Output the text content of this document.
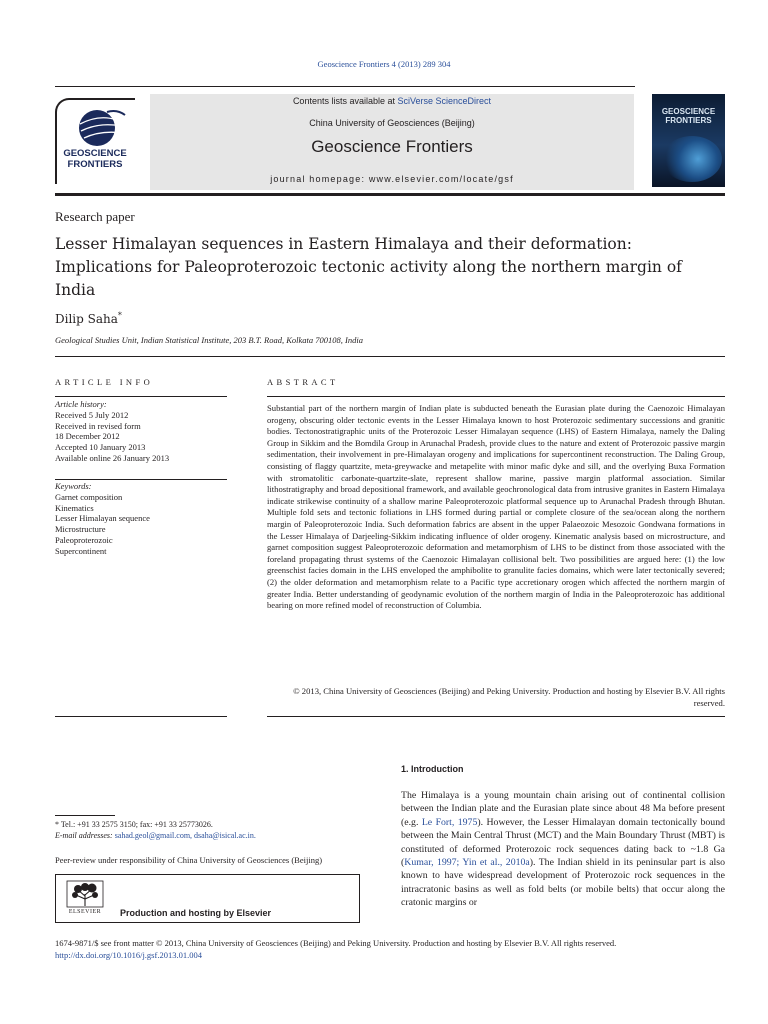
Geoscience Frontiers 4 (2013) 289 304
GEOSCIENCE
FRONTIERS
Contents lists available at SciVerse ScienceDirect
China University of Geosciences (Beijing)
Geoscience Frontiers
journal homepage: www.elsevier.com/locate/gsf
GEOSCIENCE
FRONTIERS
Research paper
Lesser Himalayan sequences in Eastern Himalaya and their deformation: Implications for Paleoproterozoic tectonic activity along the northern margin of India
Dilip Saha*
Geological Studies Unit, Indian Statistical Institute, 203 B.T. Road, Kolkata 700108, India
ARTICLE INFO	ABSTRACT
Article history:
Received 5 July 2012
Received in revised form
18 December 2012
Accepted 10 January 2013
Available online 26 January 2013
Keywords:
Garnet composition
Kinematics
Lesser Himalayan sequence
Microstructure
Paleoproterozoic
Supercontinent
Substantial part of the northern margin of Indian plate is subducted beneath the Eurasian plate during the Caenozoic Himalayan orogeny, obscuring older tectonic events in the Lesser Himalaya known to host Proterozoic sedimentary successions and granitic bodies. Tectonostratigraphic units of the Proterozoic Lesser Himalayan sequence (LHS) of Eastern Himalaya, namely the Daling Group in Sikkim and the Bomdila Group in Arunachal Pradesh, provide clues to the nature and extent of Proterozoic passive margin sedimentation, their involvement in pre-Himalayan orogeny and implications for supercontinent reconstruction. The Daling Group, consisting of flaggy quartzite, meta-greywacke and metapelite with minor mafic dyke and sill, and the overlying Buxa Formation with stromatolitic carbonate-quartzite-slate, represent shallow marine, passive margin platformal association. Similar lithostratigraphy and broad depositional framework, and available geochronological data from intrusive granites in Eastern Himalaya indicate strikewise continuity of a shallow marine Paleoproterozoic platformal sequence up to Arunachal Pradesh through Bhutan. Multiple fold sets and tectonic foliations in LHS formed during partial or complete closure of the sea/ocean along the northern margin of Paleoproterozoic India. Such deformation fabrics are absent in the upper Palaeozoic Mesozoic Gondwana formations in the Lesser Himalaya of Darjeeling-Sikkim indicating influence of older orogeny. Kinematic analysis based on microstructure, and garnet composition suggest Paleoproterozoic deformation and metamorphism of LHS to be distinct from those associated with the foreland propagating thrust systems of the Caenozoic Himalayan collisional belt. Two possibilities are argued here: (1) the low greenschist facies domain in the LHS enveloped the amphibolite to granulite facies domains, which were later tectonically severed; (2) the older deformation and metamorphism relate to a Pacific type accretionary orogen which affected the northern margin of greater India. Better understanding of geodynamic evolution of the northern margin of India in the Paleoproterozoic has additional bearing on more refined model of reconstruction of Columbia.
© 2013, China University of Geosciences (Beijing) and Peking University. Production and hosting by Elsevier B.V. All rights reserved.
1. Introduction
The Himalaya is a young mountain chain arising out of continental collision between the Indian plate and the Eurasian plate since about 48 Ma before present (e.g. Le Fort, 1975). However, the Lesser Himalayan domain tectonically bound between the Main Central Thrust (MCT) and the Main Boundary Thrust (MBT) is constituted of deformed Proterozoic rock sequences dating back to ~1.8 Ga (Kumar, 1997; Yin et al., 2010a). The Indian shield in its peninsular part is also known to have widespread development of Proterozoic rock sequences in the intracratonic basins as well as fold belts (or mobile belts) that occur along the cratonic margins or
* Tel.: +91 33 2575 3150; fax: +91 33 25773026.
E-mail addresses: sahad.geol@gmail.com, dsaha@isical.ac.in.
Peer-review under responsibility of China University of Geosciences (Beijing)
ELSEVIER	Production and hosting by Elsevier
1674-9871/$ see front matter © 2013, China University of Geosciences (Beijing) and Peking University. Production and hosting by Elsevier B.V. All rights reserved.
http://dx.doi.org/10.1016/j.gsf.2013.01.004
